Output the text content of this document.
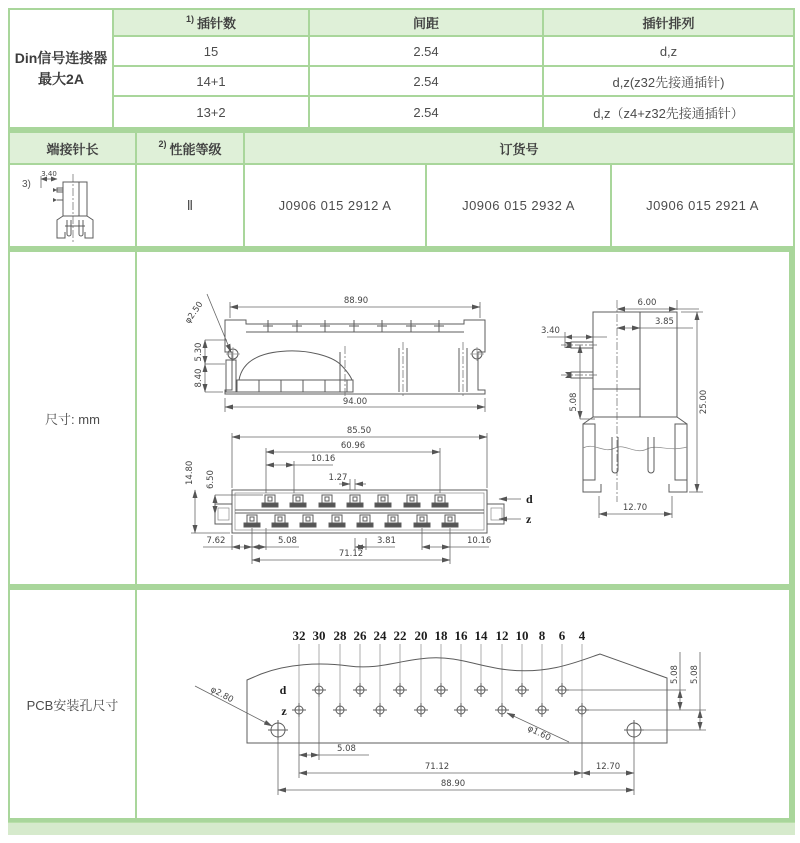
Din信号连接器
最大2A
1) 插针数	间距	插针排列
15	2.54	d,z
14+1	2.54	d,z(z32先接通插针)
13+2	2.54	d,z（z4+z32先接通插针）
端接针长	2) 性能等级	订货号
3)
3.40
Ⅱ	J0906 015 2912 A	J0906 015 2932 A	J0906 015 2921 A
尺寸: mm
88.90
94.00
φ2.50
5.30
8.40
6.00
3.85
3.40
5.08	25.00
12.70
85.50
60.96
10.16
1.27
14.80 6.50
7.62	5.08	3.81	10.16
71.12
d
z
PCB安装孔尺寸
32 30 28 26 24 22 20 18 16 14 12 10 8 6 4
d
z
φ2.80
φ1.60
5.08 5.08
5.08
71.12	12.70
88.90
